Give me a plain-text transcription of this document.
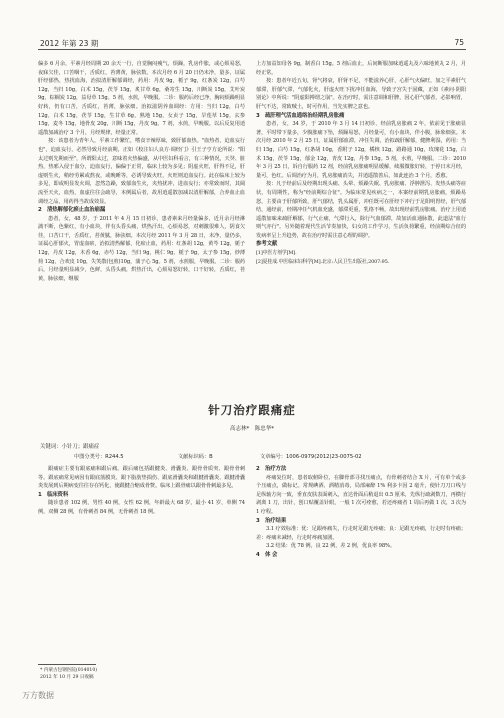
2012 年第 23 期	75

偏多 6 月余，平素月经周期 20 余天一行，自觉胸闷瘦气，烦躁，乳房作胀，或心烦易怒，夜寐欠佳，口苦咽干，舌质红，苔薄黄，脉弦数。本次月经 6 月 20 日仍未净，量多，证属肝经郁热，热扰血海，治拟清肝解郁调经，药用：丹皮 9g，栀子 9g，红条炭 12g，白芍 12g，当归 10g，白术 15g，茯苓 15g，炙甘草 6g，桑寄生 15g，川断炭 15g，艾叶炭 9g，棕榈炭 12g，益母草 15g。5 剂，水煎，早晚服。二诊：服药后经已净，胸闷烦躁明显好转，仍有口苦，舌质红，苔薄，脉弦细。治拟滋阴养血调经：方用：当归 12g，白芍 12g，白术 15g，茯苓 15g，生甘草 6g，熟地 15g，女贞子 15g，旱莲草 15g，玄参 15g，麦冬 15g，地骨皮 20g，川断 15g，丹皮 9g。7 剂，水煎，早晚服。以后反复用逍遥散加减治疗 3 个月，月经规律，经量正常。

按：该患者为青年人，平素工作繁忙，嗜食辛辣厚味，致肝郁血热。"血热者，迫血妄行也"，迫血妄行，必然导致月经前期，正如《校注妇人良方·调经门》引王子亨方论所说："阳太过则先期而至"，所谓阳太过，意味着火热偏盛，从中医妇科看言，有三种情况，天癸、脏热，热邪入侵于血分，迫血妄行，偏偏于正常，临床上较为多见；阴虚火旺，肝得不足，肝虚则生火，稍经劳累或熬夜，或晚睡等，必诱导致火旺，火旺则迫血妄行。此在临床上较为多见，即或明显发火调，忽然急躁，致郁血生火，夹热扰冲，进血妄行；亦常致而时，其阔流至天火，血热，血虚往往会疏导，本例属后者，故用逍遥散加减以清肝解郁，合养血止血调经之品，用药得当故成效显。

2　清热解郁化瘀止血治崩漏

患者，女，48 岁，于 2011 年 4 月 15 日初诊，患者素来月经量偏多，近月余月经淋漓不断，色紫红，有小血块，伴有头昏头痛，烘热汗出，心烦易怒，对刺激很难人，阴食欠佳，口苦口干，舌质红，苔黄腻，脉弦细。本次月经 2011 年 3 月 28 日，未净，量仍多，证属心肝郁火，胃虚血瘀，治拟清热解郁，化瘀止血，药用：红条胡 12g，黄芩 12g，栀子 12g，丹皮 12g，木香 6g，赤芍 12g，当归 9g，桃仁 9g，栀子 9g，太子参 15g，炒薄荷 12g，合欢皮 10g，失笑散(包煎)10g，蒲子心 5g。5 剂，水煎服，早晚服。二诊：服药后，月经量明显减少，色鲜，头昏头痛，烘热汗出，心烦易怒好转，口干好转，舌质红，苔黄，脉弦细，继服

上方加益知母各 9g，制香白 15g。5 剂后血止，后间断服加味逍遥丸及六味地黄丸 2 月，月经正常。

按：患者年近五旬，肾气将衰，肝肾不足，不能滋养心肝，心肝气火偏旺，加之平素肝气郁滞，肝郁气滞，气郁化火，肝虚火旺下扰冲任血海，导致子宫失于固藏，正如《素问·阴阳别论》中所说："阴虚阳搏谓之崩"。在治疗时，需注意调和肝脾，因心肝气郁者，必影响胃，肝气不达，常致贼土，时可作用，当先实脾之意也。

3　疏肝理气活血通络治经期乳房胀痛

患者，女，34 岁，于 2010 年 3 月 14 日初诊，经前乳房胀痛 2 年，依前见于胀痛显著，平时带下量多，少腹胀痛下坠，烦躁易怒，月经量可，有小血块，伴小腹，脉象细弦。末次月经 2010 年 2 月 25 日，证属肝郁血滞，冲任失调，治拟疏肝解郁，健脾利湿，药用：当归 15g，白芍 15g，红条胡 10g，香附子 12g，橘核 12g，路路通 10g，玫瑰花 15g，白术 15g，茯苓 15g，郁金 12g，青皮 12g，丹参 15g。5 剂，水煎，早晚服。二诊：2010 年 3 月 25 日，诉自行服药 12 剂，经前乳房胀痛明显缓解，续服微胀好转，于停日末月经，量可，色红。后调治疗为月，乳房胀痛消失，并逍遥散善后，如此连治 3 个月，悉愈。

按：凡于经前后及经期出现头痛、头晕、烦躁失眠、乳房胀痛、浮肿泄泻、发热头痛等症状，有周期性，称为"经前期综合征"。为临床常见疾病之一，本案经前期乳房胀痛，烦躁易怒，主要由于肝郁所致，肝气郁结，乳头属肝，冲任既可在肝经下冲行于足阳明胃经，肝气郁结，通经前，经期冲任气机血充盛，郁滞更重，乳络不畅，故出现经前乳房胀痛。治疗上用逍遥散加味来疏肝解郁，行气止痛，气滞行入，除行气血郁滞，故加活血通脉散，此道法"血行则气亦行"。另外随着现代生活节奏加快，妇女的工作学习，生活负荷繁重，经前期综合征的发病率呈上升趋势，故在治疗时需注意心理的调护。

参考文献

[1]中医方剂学[M].

[2]夏桂成.中医临床妇科学[M].北京:人民卫生出版社,2007:95.

针刀治疗跟痛症
高志林*　陈忠华*
关键词：小针刀；跟痛症
中图分类号：R244.5	文献标识码：B	文章编号：1006-0979(2012)23-0075-02

跟痛症主要有跟底痛和跟后痛。跟后痛包括跟腱炎、滑囊炎、跟骨骨质突、跟骨骨刺等。跟底痛常见病因有跟底筋膜炎、跟下脂肪垫损伤、跟底滑囊炎和跟腱滑囊炎、跟腱滑囊炎发展到后期病变往往存在钙化，使跟腱合缩成骨赘。临床上跟骨痛以跟骨骨刺最多见。

1　临床资料

随诊患者 102 例，男性 40 例，女性 62 例，年龄最大 68 岁，最小 41 岁，单侧 74 例，双侧 28 例，有骨刺者 84 例，无骨刺者 18 例。

2　治疗方法

疼痛复位时，患者取俯卧位，在脚骨部寻找压痛点，有骨刺者结合 X 片，可有单个或多个压痛点，做标记。常规碘酒、酒精消毒，局部麻醉 1% 利多卡因 2 毫升，使针刀刀口线与足纵轴方向一致，垂直皮肤表面刺入，直达骨面后稍退出 0.5 厘米，先纵行疏剥数刀，再横行剥离 1 刀，出针，创口贴覆盖针眼，一般 1 次可痊愈，若还疼痛者 1 周后再做 1 次，3 次为 1 疗程。

3　治疗结果

3.1 疗效标准：优：足跟疼痛失，行走时足跟无疼痛；良：足跟无疼痛，行走时有疼痛；差：疼痛未减轻，行走时疼痛加剧。

3.2 结果：优 78 例，良 22 例，差 2 例，优良率 98%。

4　体 会

* 内蒙古包钢医院(014010)
2012 年 10 月 29 日收稿
万方数据
